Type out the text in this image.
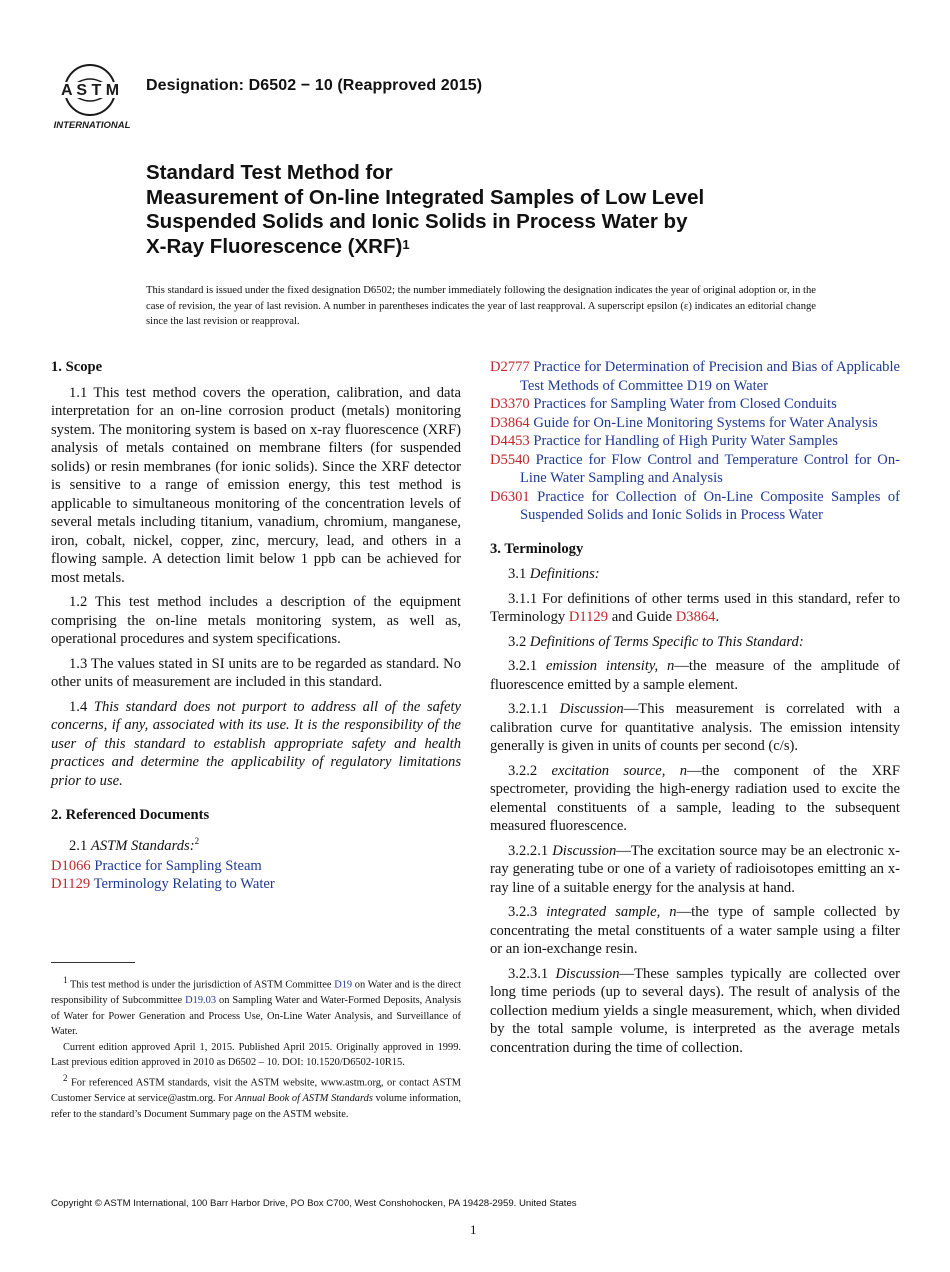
A S T M
INTERNATIONAL
Designation: D6502 − 10 (Reapproved 2015)
Standard Test Method for
Measurement of On-line Integrated Samples of Low Level
Suspended Solids and Ionic Solids in Process Water by
X-Ray Fluorescence (XRF)$^1$
This standard is issued under the fixed designation D6502; the number immediately following the designation indicates the year of original adoption or, in the case of revision, the year of last revision. A number in parentheses indicates the year of last reapproval. A superscript epsilon (ε) indicates an editorial change since the last revision or reapproval.
1. Scope

1.1 This test method covers the operation, calibration, and data interpretation for an on-line corrosion product (metals) monitoring system. The monitoring system is based on x-ray fluorescence (XRF) analysis of metals contained on membrane filters (for suspended solids) or resin membranes (for ionic solids). Since the XRF detector is sensitive to a range of emission energy, this test method is applicable to simultaneous monitoring of the concentration levels of several metals including titanium, vanadium, chromium, manganese, iron, cobalt, nickel, copper, zinc, mercury, lead, and others in a flowing sample. A detection limit below 1 ppb can be achieved for most metals.

1.2 This test method includes a description of the equipment comprising the on-line metals monitoring system, as well as, operational procedures and system specifications.

1.3 The values stated in SI units are to be regarded as standard. No other units of measurement are included in this standard.

1.4 This standard does not purport to address all of the safety concerns, if any, associated with its use. It is the responsibility of the user of this standard to establish appropriate safety and health practices and determine the applicability of regulatory limitations prior to use.

2. Referenced Documents

2.1 ASTM Standards:$^2$

D1066 Practice for Sampling Steam
D1129 Terminology Relating to Water
D2777 Practice for Determination of Precision and Bias of Applicable Test Methods of Committee D19 on Water
D3370 Practices for Sampling Water from Closed Conduits
D3864 Guide for On-Line Monitoring Systems for Water Analysis
D4453 Practice for Handling of High Purity Water Samples
D5540 Practice for Flow Control and Temperature Control for On-Line Water Sampling and Analysis
D6301 Practice for Collection of On-Line Composite Samples of Suspended Solids and Ionic Solids in Process Water
3. Terminology

3.1 Definitions:

3.1.1 For definitions of other terms used in this standard, refer to Terminology D1129 and Guide D3864.

3.2 Definitions of Terms Specific to This Standard:

3.2.1 emission intensity, n—the measure of the amplitude of fluorescence emitted by a sample element.

3.2.1.1 Discussion—This measurement is correlated with a calibration curve for quantitative analysis. The emission intensity generally is given in units of counts per second (c/s).

3.2.2 excitation source, n—the component of the XRF spectrometer, providing the high-energy radiation used to excite the elemental constituents of a sample, leading to the subsequent measured fluorescence.

3.2.2.1 Discussion—The excitation source may be an electronic x-ray generating tube or one of a variety of radioisotopes emitting an x-ray line of a suitable energy for the analysis at hand.

3.2.3 integrated sample, n—the type of sample collected by concentrating the metal constituents of a water sample using a filter or an ion-exchange resin.

3.2.3.1 Discussion—These samples typically are collected over long time periods (up to several days). The result of analysis of the collection medium yields a single measurement, which, when divided by the total sample volume, is interpreted as the average metals concentration during the time of collection.

$^1$ This test method is under the jurisdiction of ASTM Committee D19 on Water and is the direct responsibility of Subcommittee D19.03 on Sampling Water and Water-Formed Deposits, Analysis of Water for Power Generation and Process Use, On-Line Water Analysis, and Surveillance of Water.

Current edition approved April 1, 2015. Published April 2015. Originally approved in 1999. Last previous edition approved in 2010 as D6502 – 10. DOI: 10.1520/D6502-10R15.

$^2$ For referenced ASTM standards, visit the ASTM website, www.astm.org, or contact ASTM Customer Service at service@astm.org. For Annual Book of ASTM Standards volume information, refer to the standard’s Document Summary page on the ASTM website.

Copyright © ASTM International, 100 Barr Harbor Drive, PO Box C700, West Conshohocken, PA 19428-2959. United States
1
